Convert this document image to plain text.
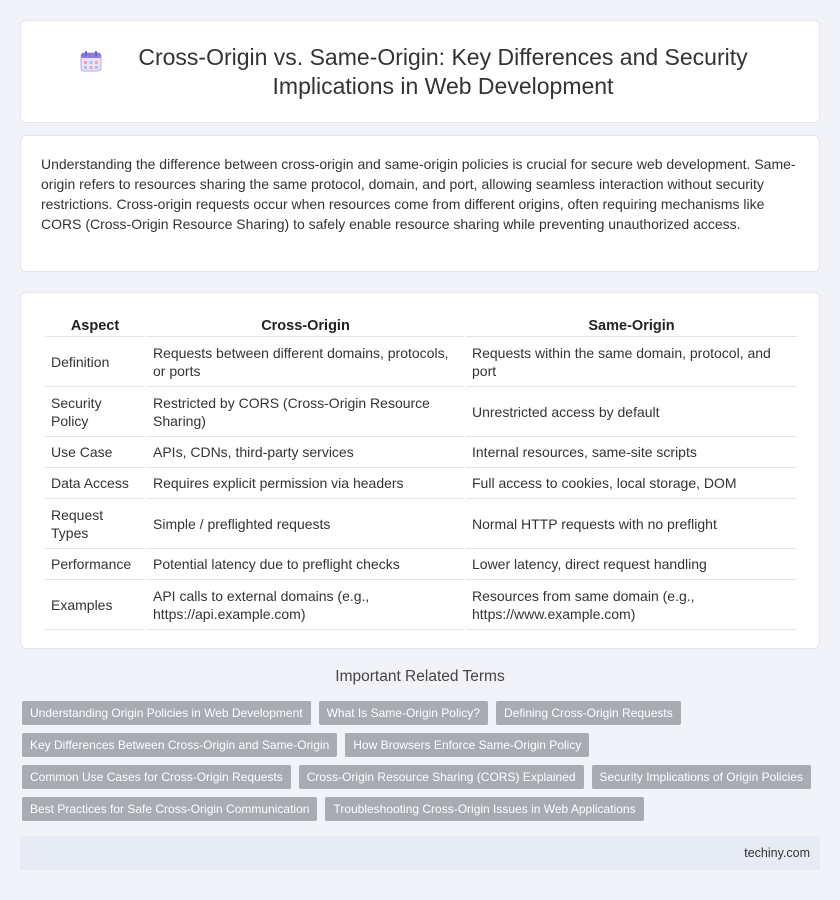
Cross-Origin vs. Same-Origin: Key Differences and Security Implications in Web Development

Understanding the difference between cross-origin and same-origin policies is crucial for secure web development. Same-origin refers to resources sharing the same protocol, domain, and port, allowing seamless interaction without security restrictions. Cross-origin requests occur when resources come from different origins, often requiring mechanisms like CORS (Cross-Origin Resource Sharing) to safely enable resource sharing while preventing unauthorized access.

Aspect	Cross-Origin	Same-Origin
Definition	Requests between different domains, protocols, or ports	Requests within the same domain, protocol, and port
Security Policy	Restricted by CORS (Cross-Origin Resource Sharing)	Unrestricted access by default
Use Case	APIs, CDNs, third-party services	Internal resources, same-site scripts
Data Access	Requires explicit permission via headers	Full access to cookies, local storage, DOM
Request Types	Simple / preflighted requests	Normal HTTP requests with no preflight
Performance	Potential latency due to preflight checks	Lower latency, direct request handling
Examples	API calls to external domains (e.g., https://api.example.com)	Resources from same domain (e.g., https://www.example.com)
Important Related Terms
Understanding Origin Policies in Web Development	What Is Same-Origin Policy?	Defining Cross-Origin Requests
Key Differences Between Cross-Origin and Same-Origin	How Browsers Enforce Same-Origin Policy
Common Use Cases for Cross-Origin Requests	Cross-Origin Resource Sharing (CORS) Explained	Security Implications of Origin Policies
Best Practices for Safe Cross-Origin Communication	Troubleshooting Cross-Origin Issues in Web Applications
techiny.com
